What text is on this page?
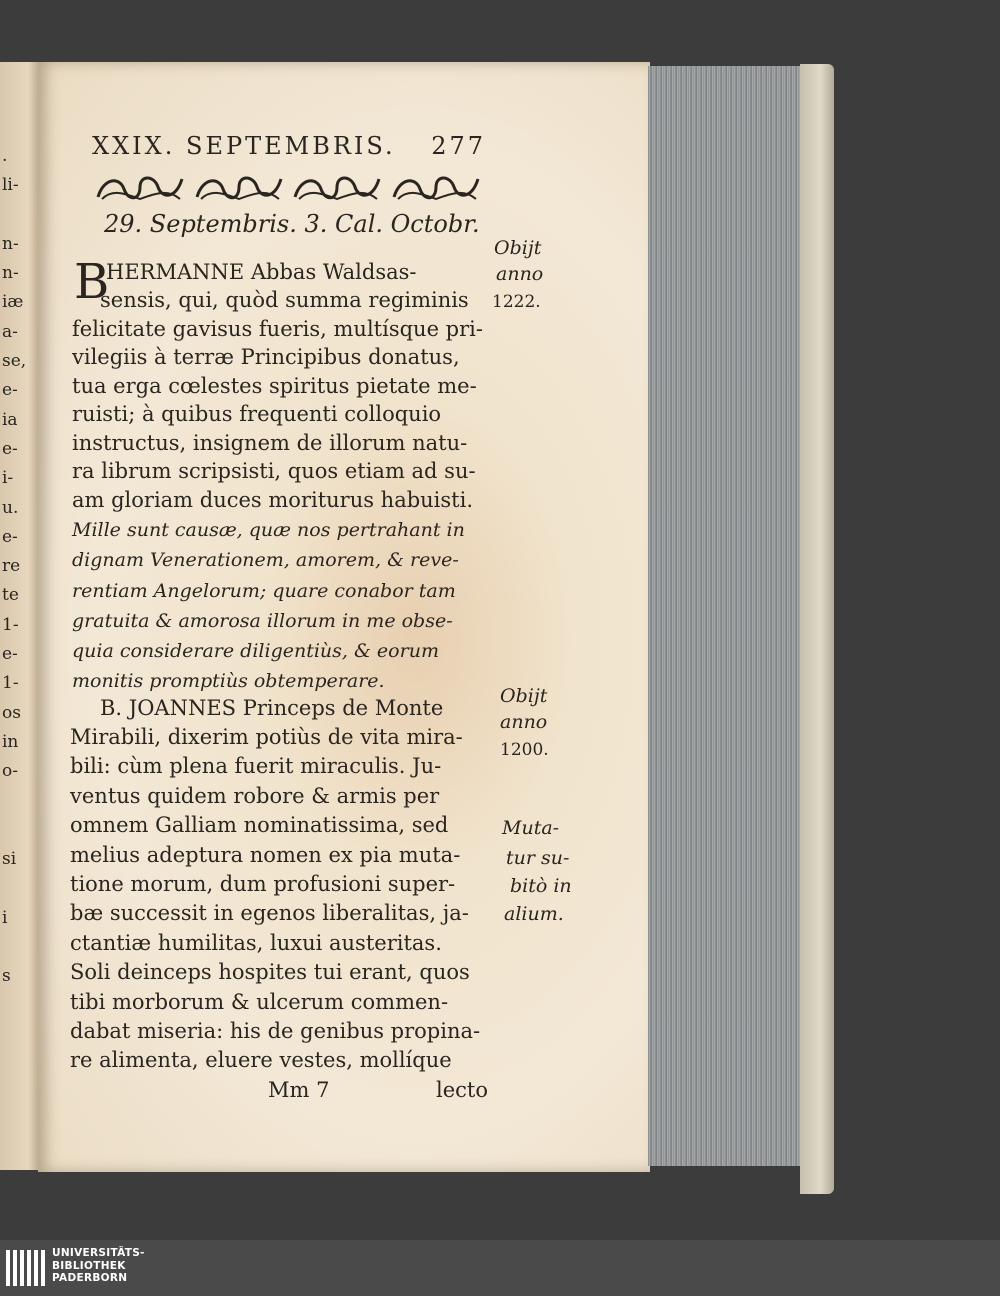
.
li-
n-
n-
iæ
a-
se,
e-
ia
e-
i-
u.
e-
re
te
1-
e-
1-
os
in
o-
si
i
s
XXIX. SEPTEMBRIS. 277
29. Septembris. 3. Cal. Octobr.
B
HERMANNE Abbas Waldsas-
sensis, qui, quòd summa regiminis
felicitate gavisus fueris, multísque pri-
vilegiis à terræ Principibus donatus,
tua erga cœlestes spiritus pietate me-
ruisti; à quibus frequenti colloquio
instructus, insignem de illorum natu-
ra librum scripsisti, quos etiam ad su-
am gloriam duces moriturus habuisti.
Mille sunt causæ, quæ nos pertrahant in
dignam Venerationem, amorem, & reve-
rentiam Angelorum; quare conabor tam
gratuita & amorosa illorum in me obse-
quia considerare diligentiùs, & eorum
monitis promptiùs obtemperare.
B. JOANNES Princeps de Monte
Mirabili, dixerim potiùs de vita mira-
bili: cùm plena fuerit miraculis. Ju-
ventus quidem robore & armis per
omnem Galliam nominatissima, sed
melius adeptura nomen ex pia muta-
tione morum, dum profusioni super-
bæ successit in egenos liberalitas, ja-
ctantiæ humilitas, luxui austeritas.
Soli deinceps hospites tui erant, quos
tibi morborum & ulcerum commen-
dabat miseria: his de genibus propina-
re alimenta, eluere vestes, mollíque
Obijt
anno
1222.
Obijt
anno
1200.
Muta-
tur su-
bitò in
alium.
Mm 7	lecto
UNIVERSITÄTS-
BIBLIOTHEK
PADERBORN
